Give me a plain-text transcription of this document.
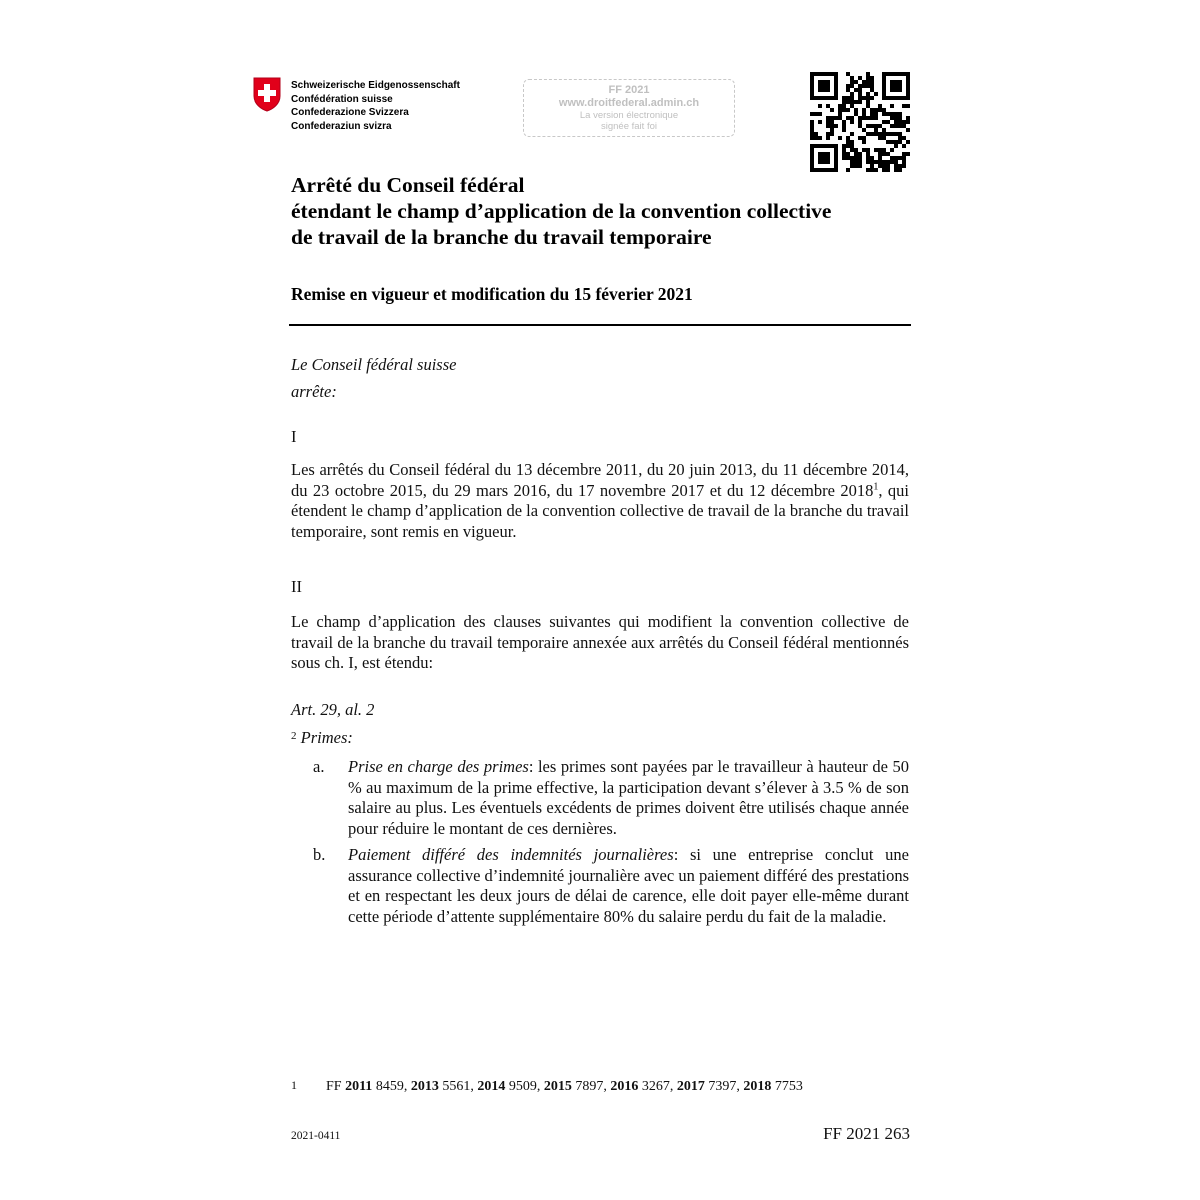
Schweizerische Eidgenossenschaft
Confédération suisse
Confederazione Svizzera
Confederaziun svizra
FF 2021
www.droitfederal.admin.ch
La version électronique
signée fait foi
Arrêté du Conseil fédéral
étendant le champ d’application de la convention collective
de travail de la branche du travail temporaire
Remise en vigueur et modification du 15 féverier 2021
Le Conseil fédéral suisse
arrête:
I
Les arrêtés du Conseil fédéral du 13 décembre 2011, du 20 juin 2013, du 11 décembre 2014, du 23 octobre 2015, du 29 mars 2016, du 17 novembre 2017 et du 12 décembre 2018$^1$, qui étendent le champ d’application de la convention collective de travail de la branche du travail temporaire, sont remis en vigueur.
II
Le champ d’application des clauses suivantes qui modifient la convention collective de travail de la branche du travail temporaire annexée aux arrêtés du Conseil fédéral mentionnés sous ch. I, est étendu:
Art. 29, al. 2
$^2$ Primes:
a. Prise en charge des primes: les primes sont payées par le travailleur à hauteur de 50 % au maximum de la prime effective, la participation devant s’élever à 3.5 % de son salaire au plus. Les éventuels excédents de primes doivent être utilisés chaque année pour réduire le montant de ces dernières.
b. Paiement différé des indemnités journalières: si une entreprise conclut une assurance collective d’indemnité journalière avec un paiement différé des prestations et en respectant les deux jours de délai de carence, elle doit payer elle-même durant cette période d’attente supplémentaire 80% du salaire perdu du fait de la maladie.
1 FF 2011 8459, 2013 5561, 2014 9509, 2015 7897, 2016 3267, 2017 7397, 2018 7753
2021-0411	FF 2021 263
